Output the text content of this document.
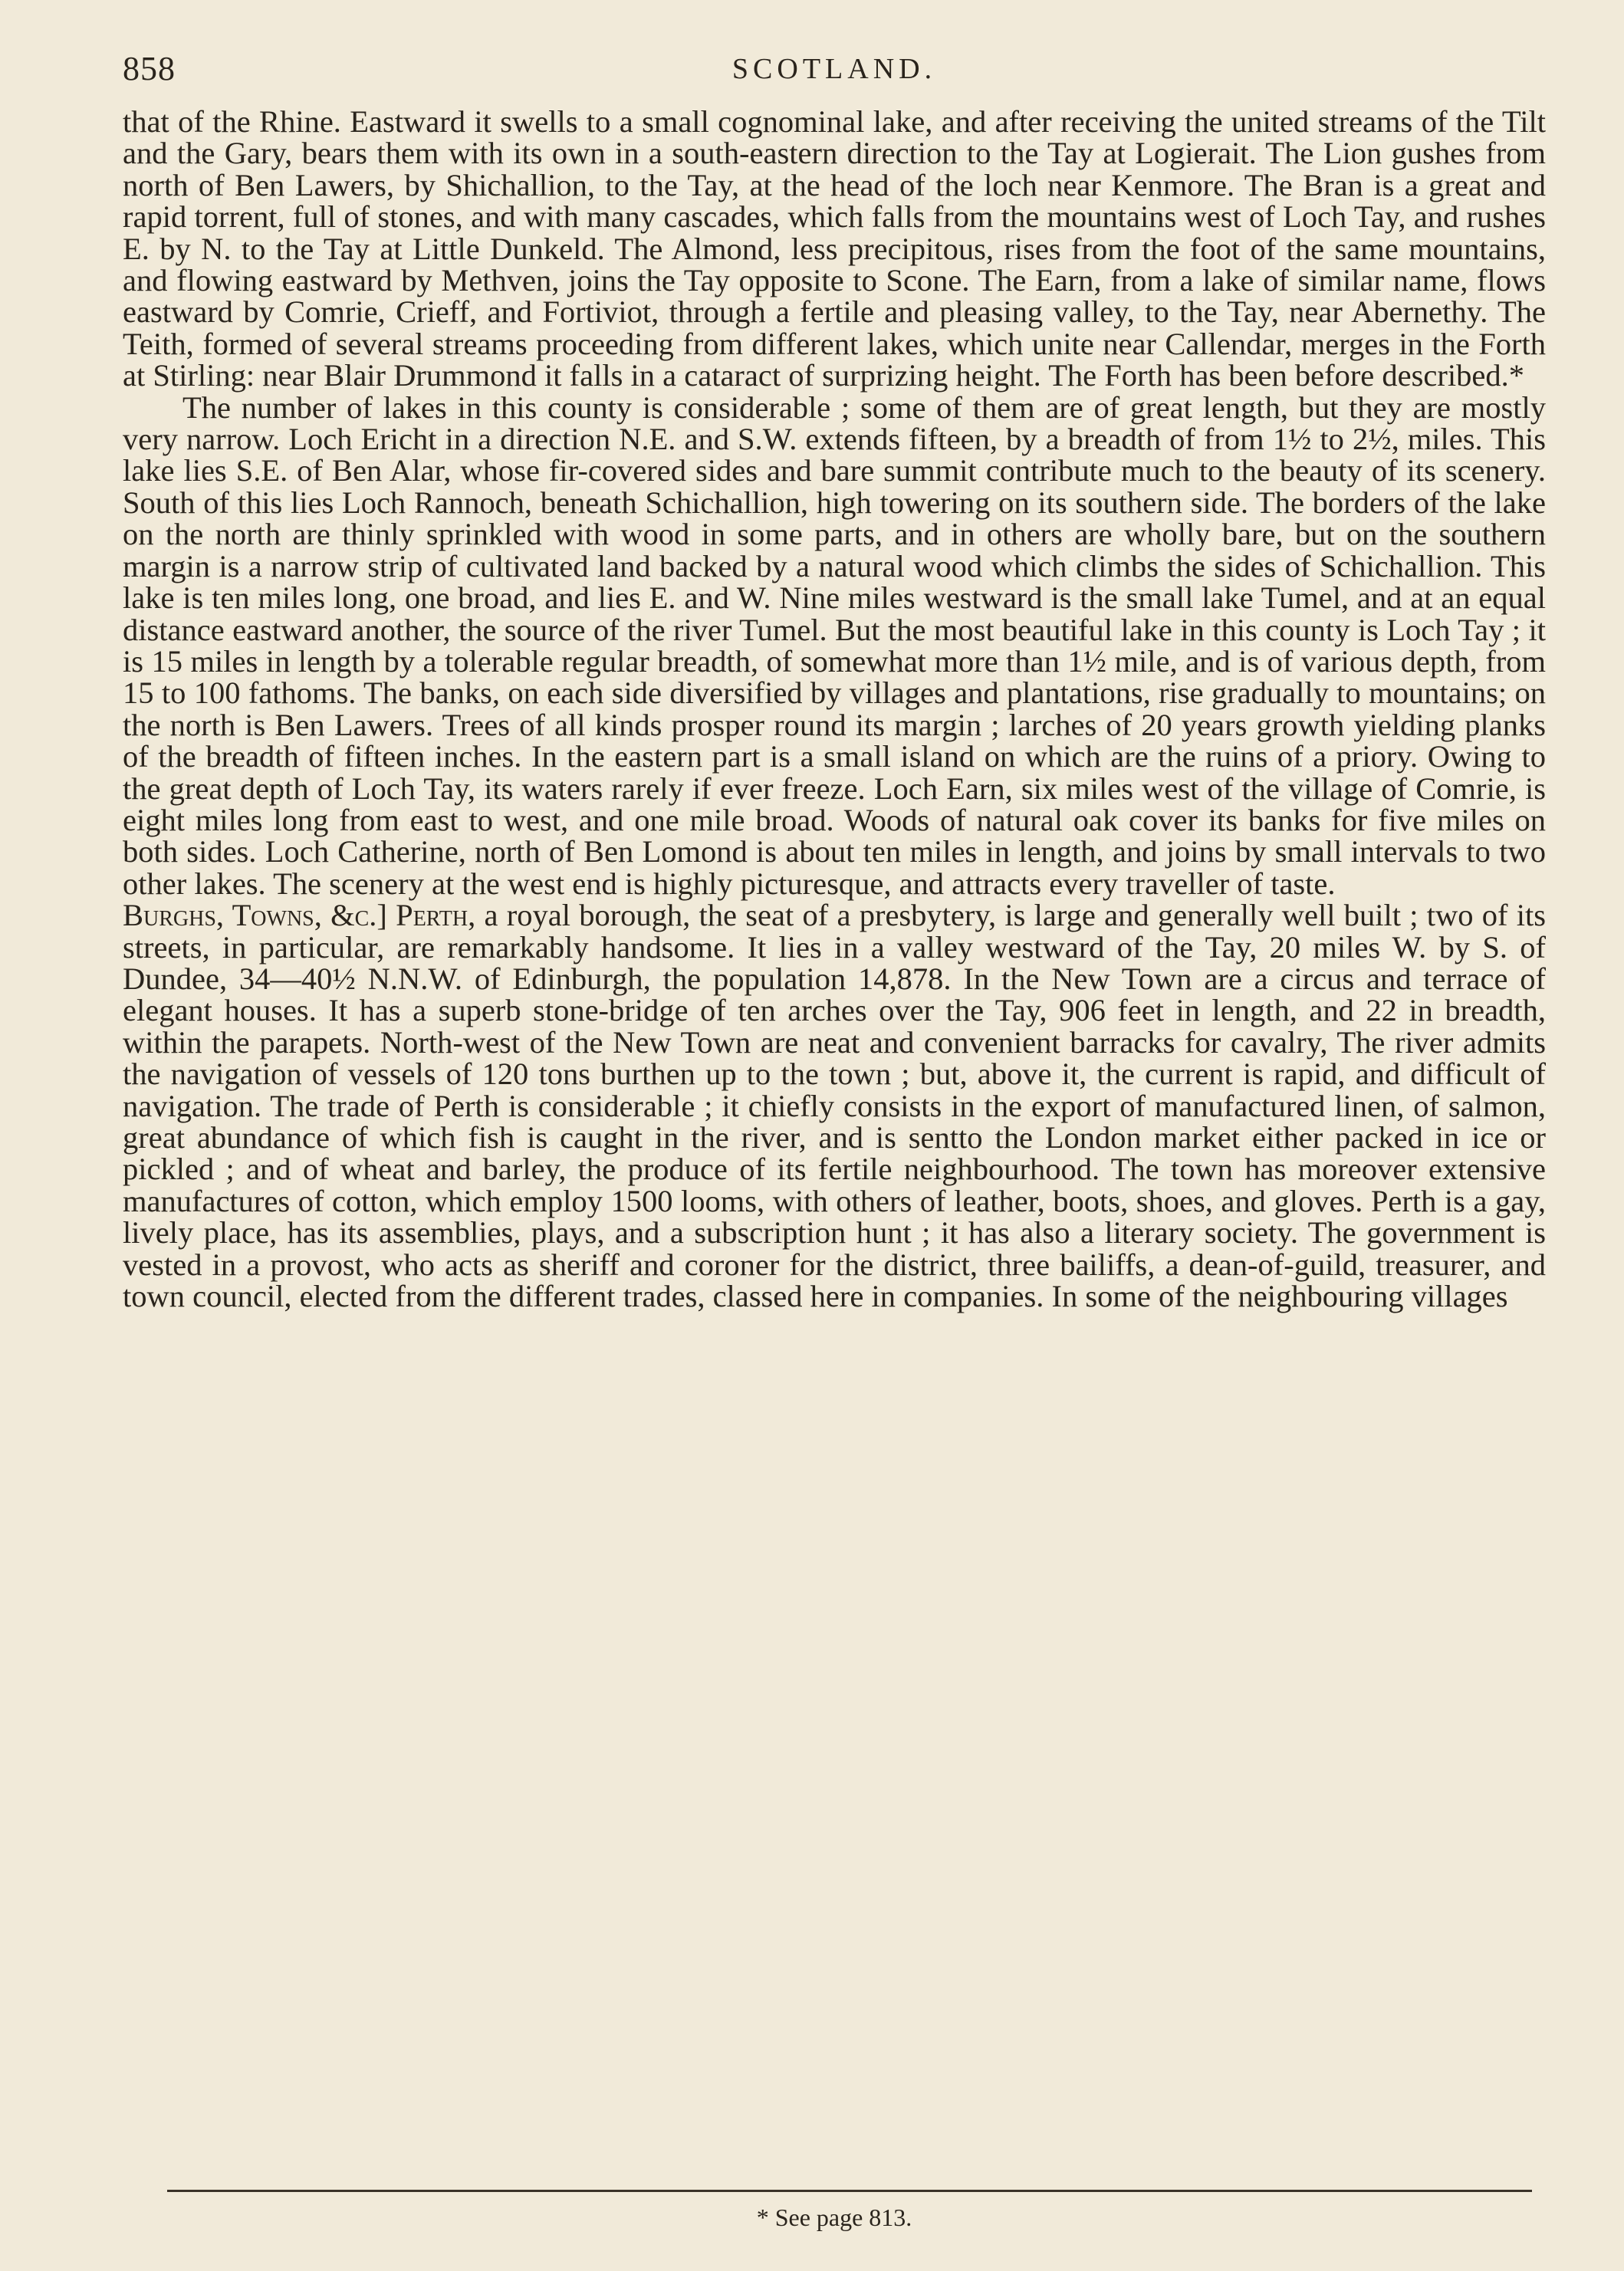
858	SCOTLAND.

that of the Rhine. Eastward it swells to a small cognominal lake, and after receiving the united streams of the Tilt and the Gary, bears them with its own in a south-eastern direction to the Tay at Logierait. The Lion gushes from north of Ben Lawers, by Shichallion, to the Tay, at the head of the loch near Kenmore. The Bran is a great and rapid torrent, full of stones, and with many cascades, which falls from the mountains west of Loch Tay, and rushes E. by N. to the Tay at Little Dunkeld. The Almond, less precipitous, rises from the foot of the same mountains, and flowing eastward by Methven, joins the Tay opposite to Scone. The Earn, from a lake of similar name, flows eastward by Comrie, Crieff, and Fortiviot, through a fertile and pleasing valley, to the Tay, near Abernethy. The Teith, formed of several streams proceeding from different lakes, which unite near Callendar, merges in the Forth at Stirling: near Blair Drummond it falls in a cataract of surprizing height. The Forth has been before described.*

The number of lakes in this county is considerable ; some of them are of great length, but they are mostly very narrow. Loch Ericht in a direction N.E. and S.W. extends fifteen, by a breadth of from 1½ to 2½, miles. This lake lies S.E. of Ben Alar, whose fir-covered sides and bare summit contribute much to the beauty of its scenery. South of this lies Loch Rannoch, beneath Schichallion, high towering on its southern side. The borders of the lake on the north are thinly sprinkled with wood in some parts, and in others are wholly bare, but on the southern margin is a narrow strip of cultivated land backed by a natural wood which climbs the sides of Schichallion. This lake is ten miles long, one broad, and lies E. and W. Nine miles westward is the small lake Tumel, and at an equal distance eastward another, the source of the river Tumel. But the most beautiful lake in this county is Loch Tay ; it is 15 miles in length by a tolerable regular breadth, of somewhat more than 1½ mile, and is of various depth, from 15 to 100 fathoms. The banks, on each side diversified by villages and plantations, rise gradually to mountains; on the north is Ben Lawers. Trees of all kinds prosper round its margin ; larches of 20 years growth yielding planks of the breadth of fifteen inches. In the eastern part is a small island on which are the ruins of a priory. Owing to the great depth of Loch Tay, its waters rarely if ever freeze. Loch Earn, six miles west of the village of Comrie, is eight miles long from east to west, and one mile broad. Woods of natural oak cover its banks for five miles on both sides. Loch Catherine, north of Ben Lomond is about ten miles in length, and joins by small intervals to two other lakes. The scenery at the west end is highly picturesque, and attracts every traveller of taste.

Burghs, Towns, &c.] Perth, a royal borough, the seat of a presbytery, is large and generally well built ; two of its streets, in particular, are remarkably handsome. It lies in a valley westward of the Tay, 20 miles W. by S. of Dundee, 34—40½ N.N.W. of Edinburgh, the population 14,878. In the New Town are a circus and terrace of elegant houses. It has a superb stone-bridge of ten arches over the Tay, 906 feet in length, and 22 in breadth, within the parapets. North-west of the New Town are neat and convenient barracks for cavalry, The river admits the navigation of vessels of 120 tons burthen up to the town ; but, above it, the current is rapid, and difficult of navigation. The trade of Perth is considerable ; it chiefly consists in the export of manufactured linen, of salmon, great abundance of which fish is caught in the river, and is sentto the London market either packed in ice or pickled ; and of wheat and barley, the produce of its fertile neighbourhood. The town has moreover extensive manufactures of cotton, which employ 1500 looms, with others of leather, boots, shoes, and gloves. Perth is a gay, lively place, has its assemblies, plays, and a subscription hunt ; it has also a literary society. The government is vested in a provost, who acts as sheriff and coroner for the district, three bailiffs, a dean-of-guild, treasurer, and town council, elected from the different trades, classed here in companies. In some of the neighbouring villages

* See page 813.
